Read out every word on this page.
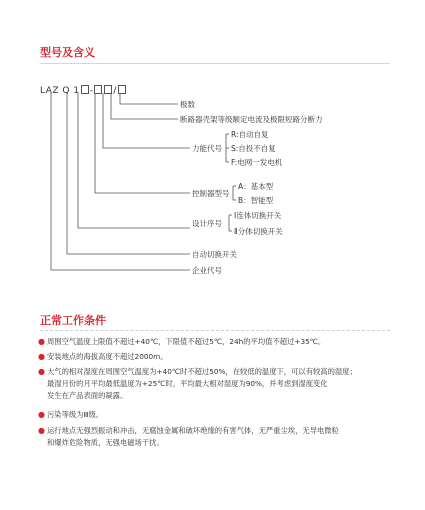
型号及含义
LAZ Q 1 - /
极数
断路器壳架等级额定电流及极限短路分断力
力能代号
R:自动自复
S:自投不自复
F:电网一发电机
控制器型号
A：基本型
B：智能型
设计序号
Ⅰ连体切换开关
Ⅱ分体切换开关
自动切换开关
企业代号
正常工作条件
● 周围空气温度上限值不超过+40℃，下限值不超过5℃，24h的平均值不超过+35℃。
● 安装地点的海拔高度不超过2000m。
● 大气的相对湿度在周围空气温度为+40℃时不超过50%，在较低的温度下，可以有较高的湿度；
最湿月份的月平均最低温度为+25℃时，平均最大相对湿度为90%，并考虑到湿度变化
发生在产品表面的凝露。
● 污染等级为Ⅲ级。
● 运行地点无强烈振动和冲击，无腐蚀金属和破坏绝缘的有害气体，无严重尘埃，无导电微粒
和爆炸危险物质，无强电磁场干扰。
